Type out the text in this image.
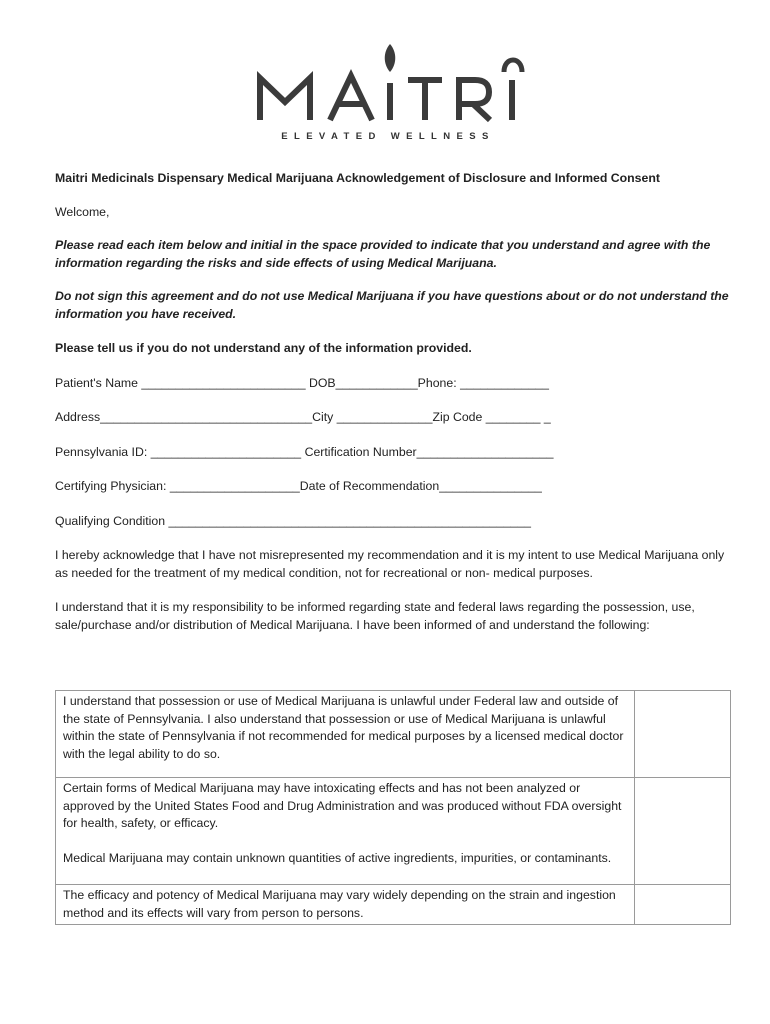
ELEVATED WELLNESS

Maitri Medicinals Dispensary Medical Marijuana Acknowledgement of Disclosure and Informed Consent

Welcome,

Please read each item below and initial in the space provided to indicate that you understand and agree with the information regarding the risks and side effects of using Medical Marijuana.

Do not sign this agreement and do not use Medical Marijuana if you have questions about or do not understand the information you have received.

Please tell us if you do not understand any of the information provided.

Patient's Name ________________________ DOB____________Phone: _____________

Address_______________________________City ______________Zip Code ________ _

Pennsylvania ID: ______________________ Certification Number____________________

Certifying Physician: ___________________Date of Recommendation_______________

Qualifying Condition _____________________________________________________

I hereby acknowledge that I have not misrepresented my recommendation and it is my intent to use Medical Marijuana only as needed for the treatment of my medical condition, not for recreational or non- medical purposes.

I understand that it is my responsibility to be informed regarding state and federal laws regarding the possession, use, sale/purchase and/or distribution of Medical Marijuana. I have been informed of and understand the following:

I understand that possession or use of Medical Marijuana is unlawful under Federal law and outside of the state of Pennsylvania. I also understand that possession or use of Medical Marijuana is unlawful within the state of Pennsylvania if not recommended for medical purposes by a licensed medical doctor with the legal ability to do so.	

Certain forms of Medical Marijuana may have intoxicating effects and has not been analyzed or approved by the United States Food and Drug Administration and was produced without FDA oversight for health, safety, or efficacy.

Medical Marijuana may contain unknown quantities of active ingredients, impurities, or contaminants.	

The efficacy and potency of Medical Marijuana may vary widely depending on the strain and ingestion method and its effects will vary from person to persons.	
